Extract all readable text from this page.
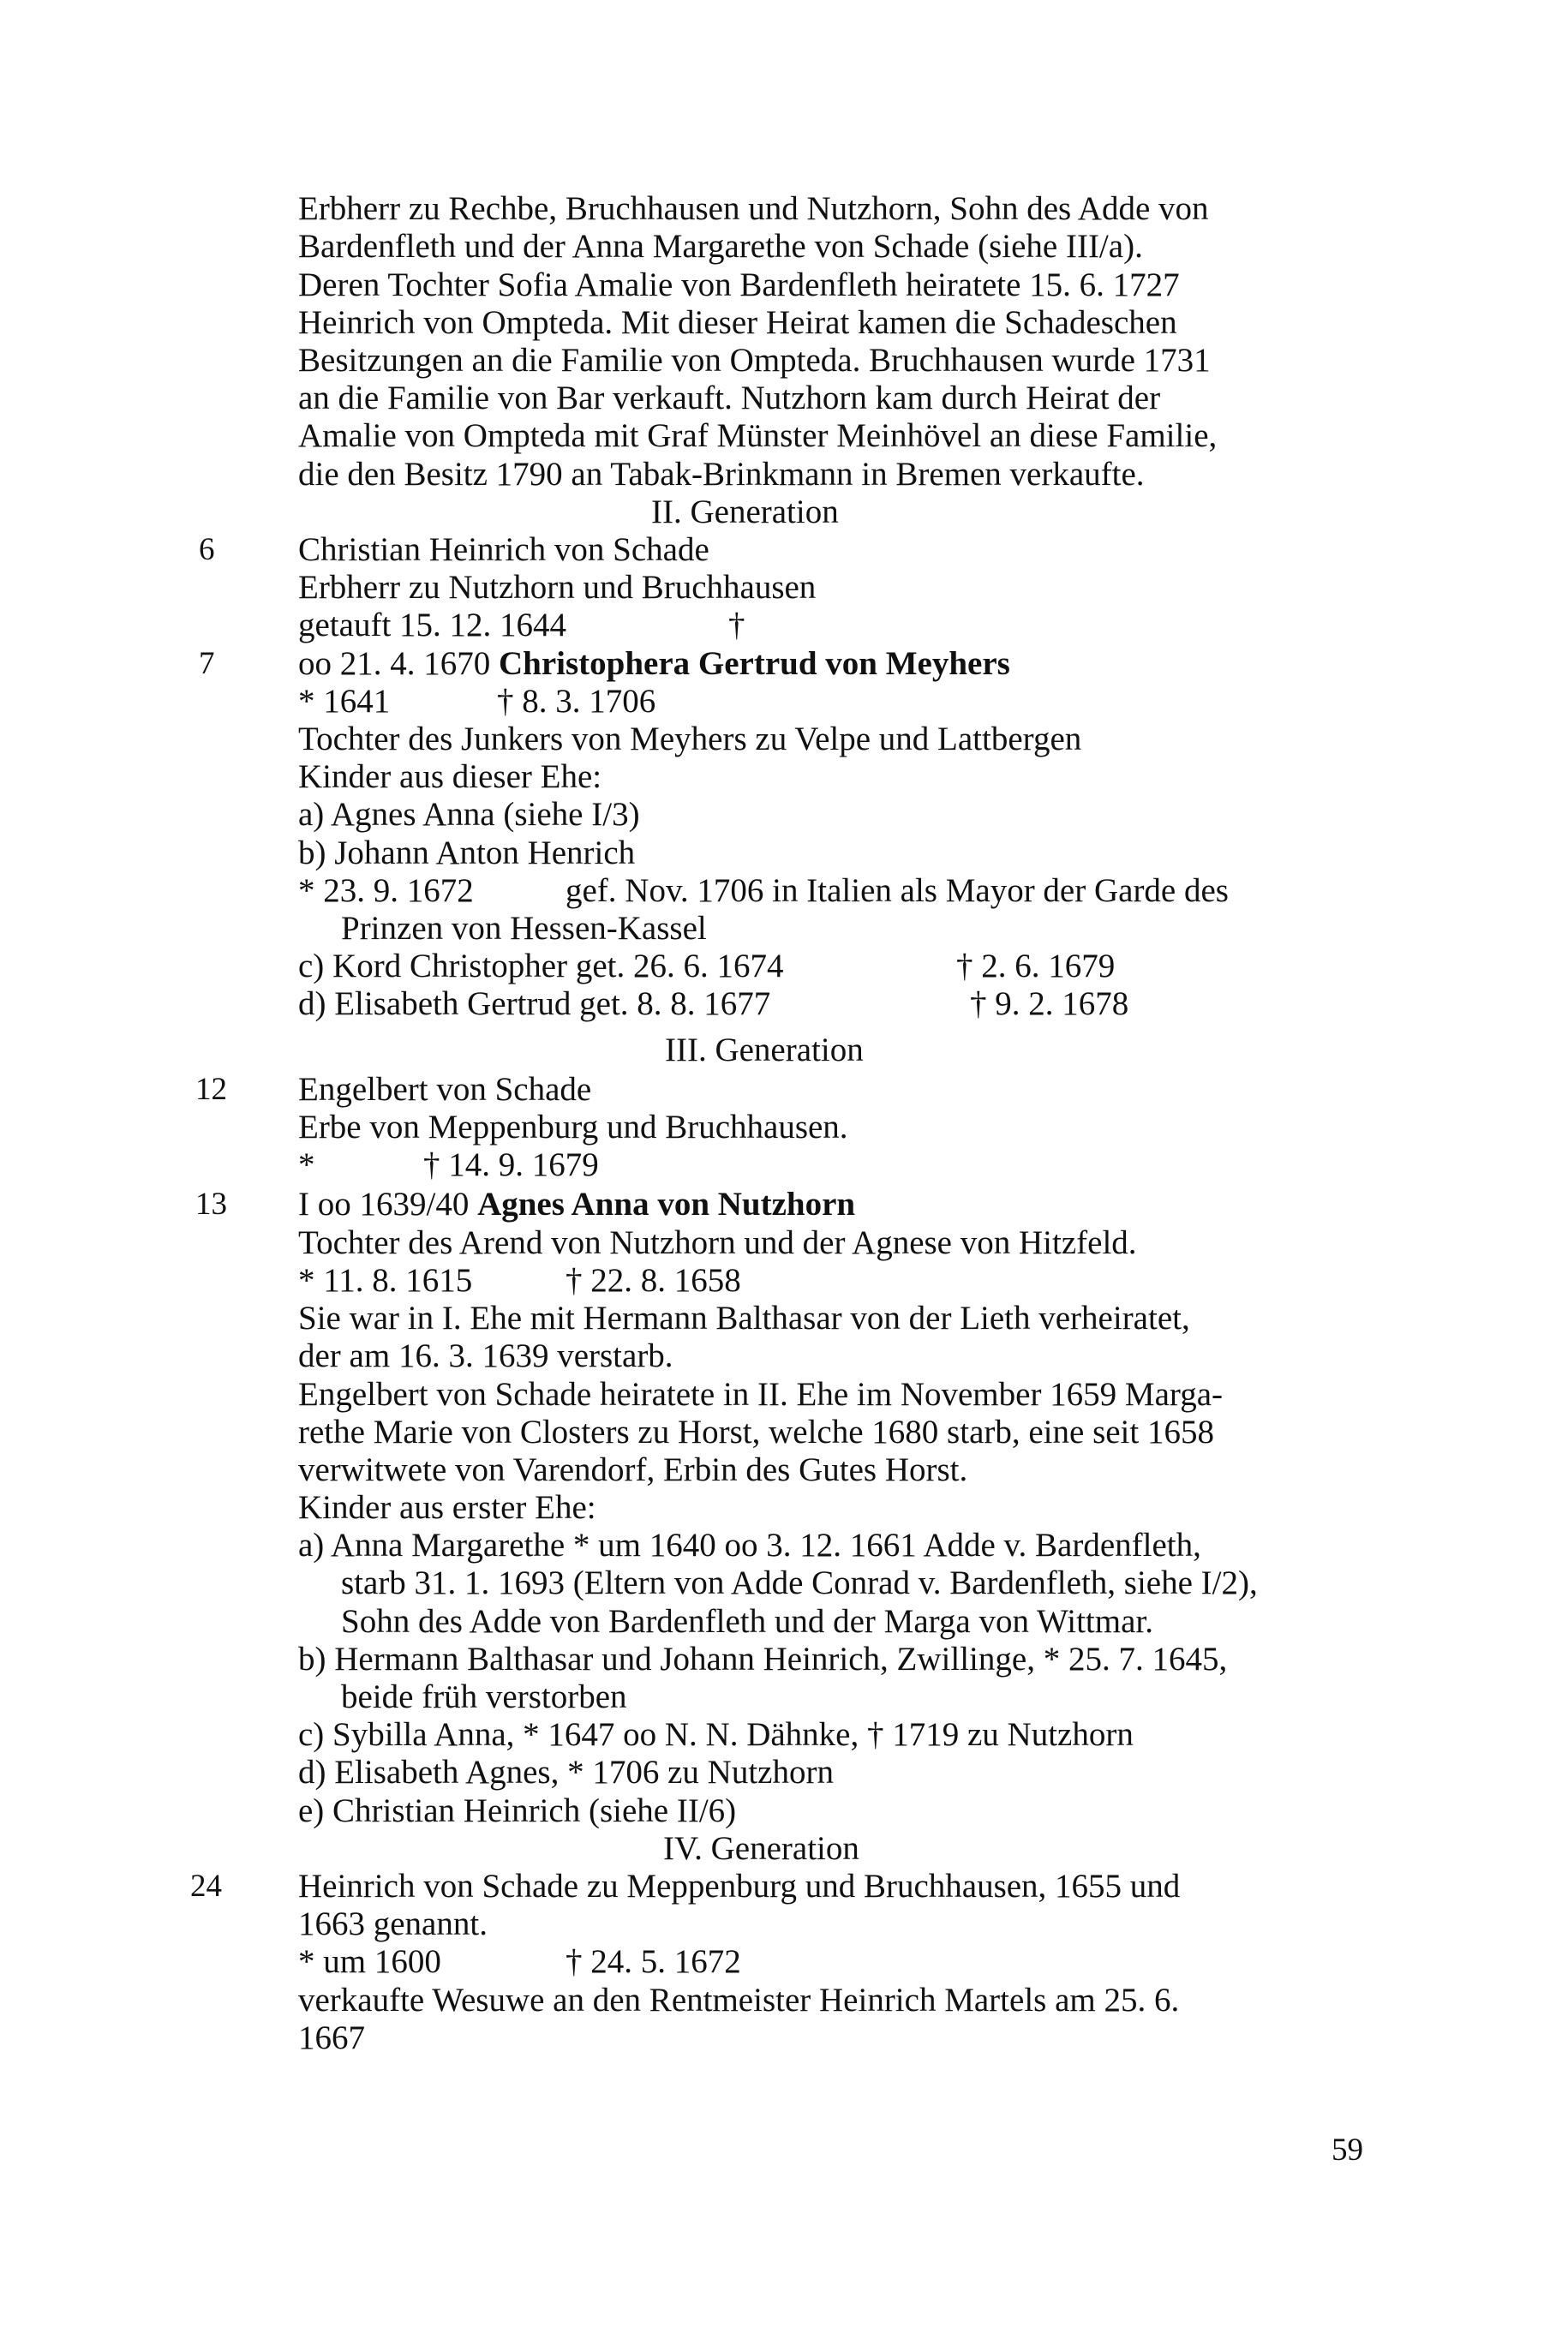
Erbherr zu Rechbe, Bruchhausen und Nutzhorn, Sohn des Adde von
Bardenfleth und der Anna Margarethe von Schade (siehe III/a).
Deren Tochter Sofia Amalie von Bardenfleth heiratete 15. 6. 1727
Heinrich von Ompteda. Mit dieser Heirat kamen die Schadeschen
Besitzungen an die Familie von Ompteda. Bruchhausen wurde 1731
an die Familie von Bar verkauft. Nutzhorn kam durch Heirat der
Amalie von Ompteda mit Graf Münster Meinhövel an diese Familie,
die den Besitz 1790 an Tabak-Brinkmann in Bremen verkaufte.
II. Generation
6	Christian Heinrich von Schade
Erbherr zu Nutzhorn und Bruchhausen
getauft 15. 12. 1644	†
7	oo 21. 4. 1670 Christophera Gertrud von Meyhers
* 1641	† 8. 3. 1706
Tochter des Junkers von Meyhers zu Velpe und Lattbergen
Kinder aus dieser Ehe:
a) Agnes Anna (siehe I/3)
b) Johann Anton Henrich
* 23. 9. 1672	gef. Nov. 1706 in Italien als Mayor der Garde des
Prinzen von Hessen-Kassel
c) Kord Christopher get. 26. 6. 1674	† 2. 6. 1679
d) Elisabeth Gertrud get. 8. 8. 1677	† 9. 2. 1678
III. Generation
12 Engelbert von Schade
Erbe von Meppenburg und Bruchhausen.
*	† 14. 9. 1679
13 I oo 1639/40 Agnes Anna von Nutzhorn
Tochter des Arend von Nutzhorn und der Agnese von Hitzfeld.
* 11. 8. 1615	† 22. 8. 1658
Sie war in I. Ehe mit Hermann Balthasar von der Lieth verheiratet,
der am 16. 3. 1639 verstarb.
Engelbert von Schade heiratete in II. Ehe im November 1659 Marga-
rethe Marie von Closters zu Horst, welche 1680 starb, eine seit 1658
verwitwete von Varendorf, Erbin des Gutes Horst.
Kinder aus erster Ehe:
a) Anna Margarethe * um 1640 oo 3. 12. 1661 Adde v. Bardenfleth,
starb 31. 1. 1693 (Eltern von Adde Conrad v. Bardenfleth, siehe I/2),
Sohn des Adde von Bardenfleth und der Marga von Wittmar.
b) Hermann Balthasar und Johann Heinrich, Zwillinge, * 25. 7. 1645,
beide früh verstorben
c) Sybilla Anna, * 1647 oo N. N. Dähnke, † 1719 zu Nutzhorn
d) Elisabeth Agnes, * 1706 zu Nutzhorn
e) Christian Heinrich (siehe II/6)
IV. Generation
24 Heinrich von Schade zu Meppenburg und Bruchhausen, 1655 und
1663 genannt.
* um 1600	† 24. 5. 1672
verkaufte Wesuwe an den Rentmeister Heinrich Martels am 25. 6.
1667
59
